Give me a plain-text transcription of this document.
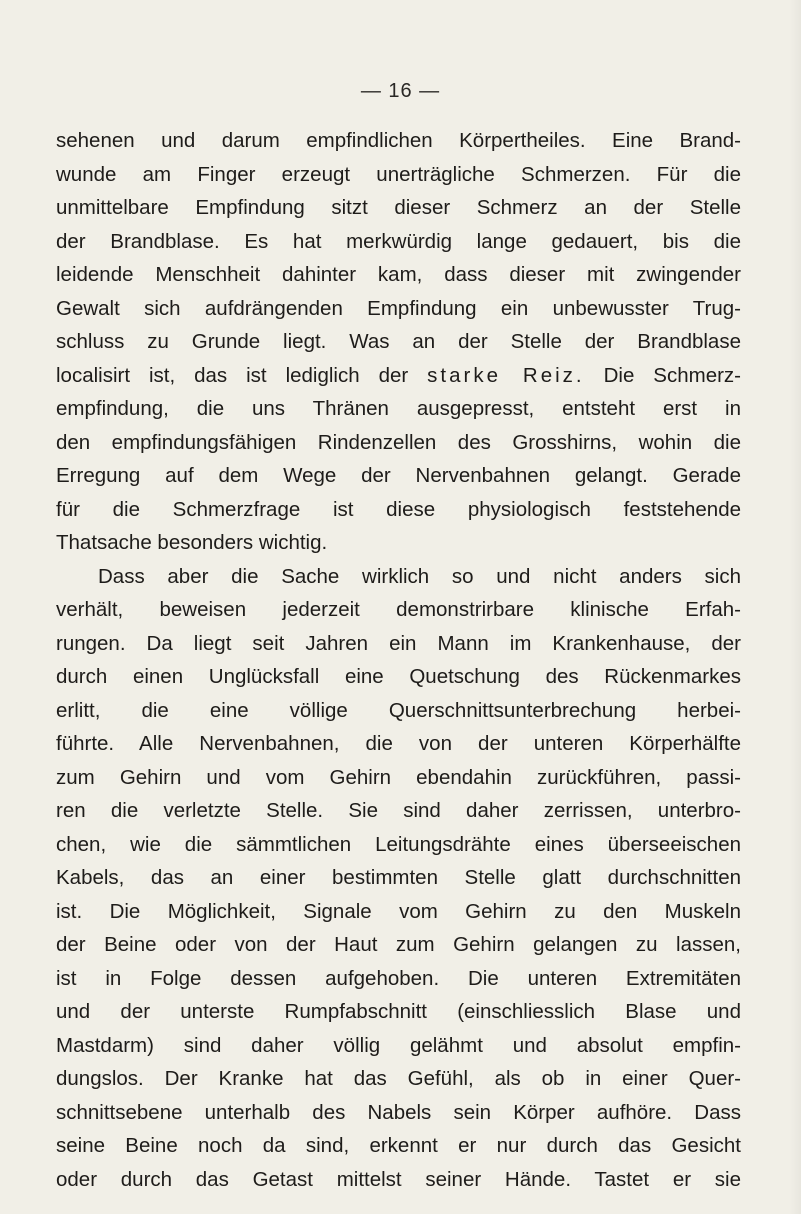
— 16 —
sehenen und darum empfindlichen Körpertheiles. Eine Brand-
wunde am Finger erzeugt unerträgliche Schmerzen. Für die
unmittelbare Empfindung sitzt dieser Schmerz an der Stelle
der Brandblase. Es hat merkwürdig lange gedauert, bis die
leidende Menschheit dahinter kam, dass dieser mit zwingender
Gewalt sich aufdrängenden Empfindung ein unbewusster Trug-
schluss zu Grunde liegt. Was an der Stelle der Brandblase
localisirt ist, das ist lediglich der starke Reiz. Die Schmerz-
empfindung, die uns Thränen ausgepresst, entsteht erst in
den empfindungsfähigen Rindenzellen des Grosshirns, wohin die
Erregung auf dem Wege der Nervenbahnen gelangt. Gerade
für die Schmerzfrage ist diese physiologisch feststehende
Thatsache besonders wichtig.
Dass aber die Sache wirklich so und nicht anders sich
verhält, beweisen jederzeit demonstrirbare klinische Erfah-
rungen. Da liegt seit Jahren ein Mann im Krankenhause, der
durch einen Unglücksfall eine Quetschung des Rückenmarkes
erlitt, die eine völlige Querschnittsunterbrechung herbei-
führte. Alle Nervenbahnen, die von der unteren Körperhälfte
zum Gehirn und vom Gehirn ebendahin zurückführen, passi-
ren die verletzte Stelle. Sie sind daher zerrissen, unterbro-
chen, wie die sämmtlichen Leitungsdrähte eines überseeischen
Kabels, das an einer bestimmten Stelle glatt durchschnitten
ist. Die Möglichkeit, Signale vom Gehirn zu den Muskeln
der Beine oder von der Haut zum Gehirn gelangen zu lassen,
ist in Folge dessen aufgehoben. Die unteren Extremitäten
und der unterste Rumpfabschnitt (einschliesslich Blase und
Mastdarm) sind daher völlig gelähmt und absolut empfin-
dungslos. Der Kranke hat das Gefühl, als ob in einer Quer-
schnittsebene unterhalb des Nabels sein Körper aufhöre. Dass
seine Beine noch da sind, erkennt er nur durch das Gesicht
oder durch das Getast mittelst seiner Hände. Tastet er sie
